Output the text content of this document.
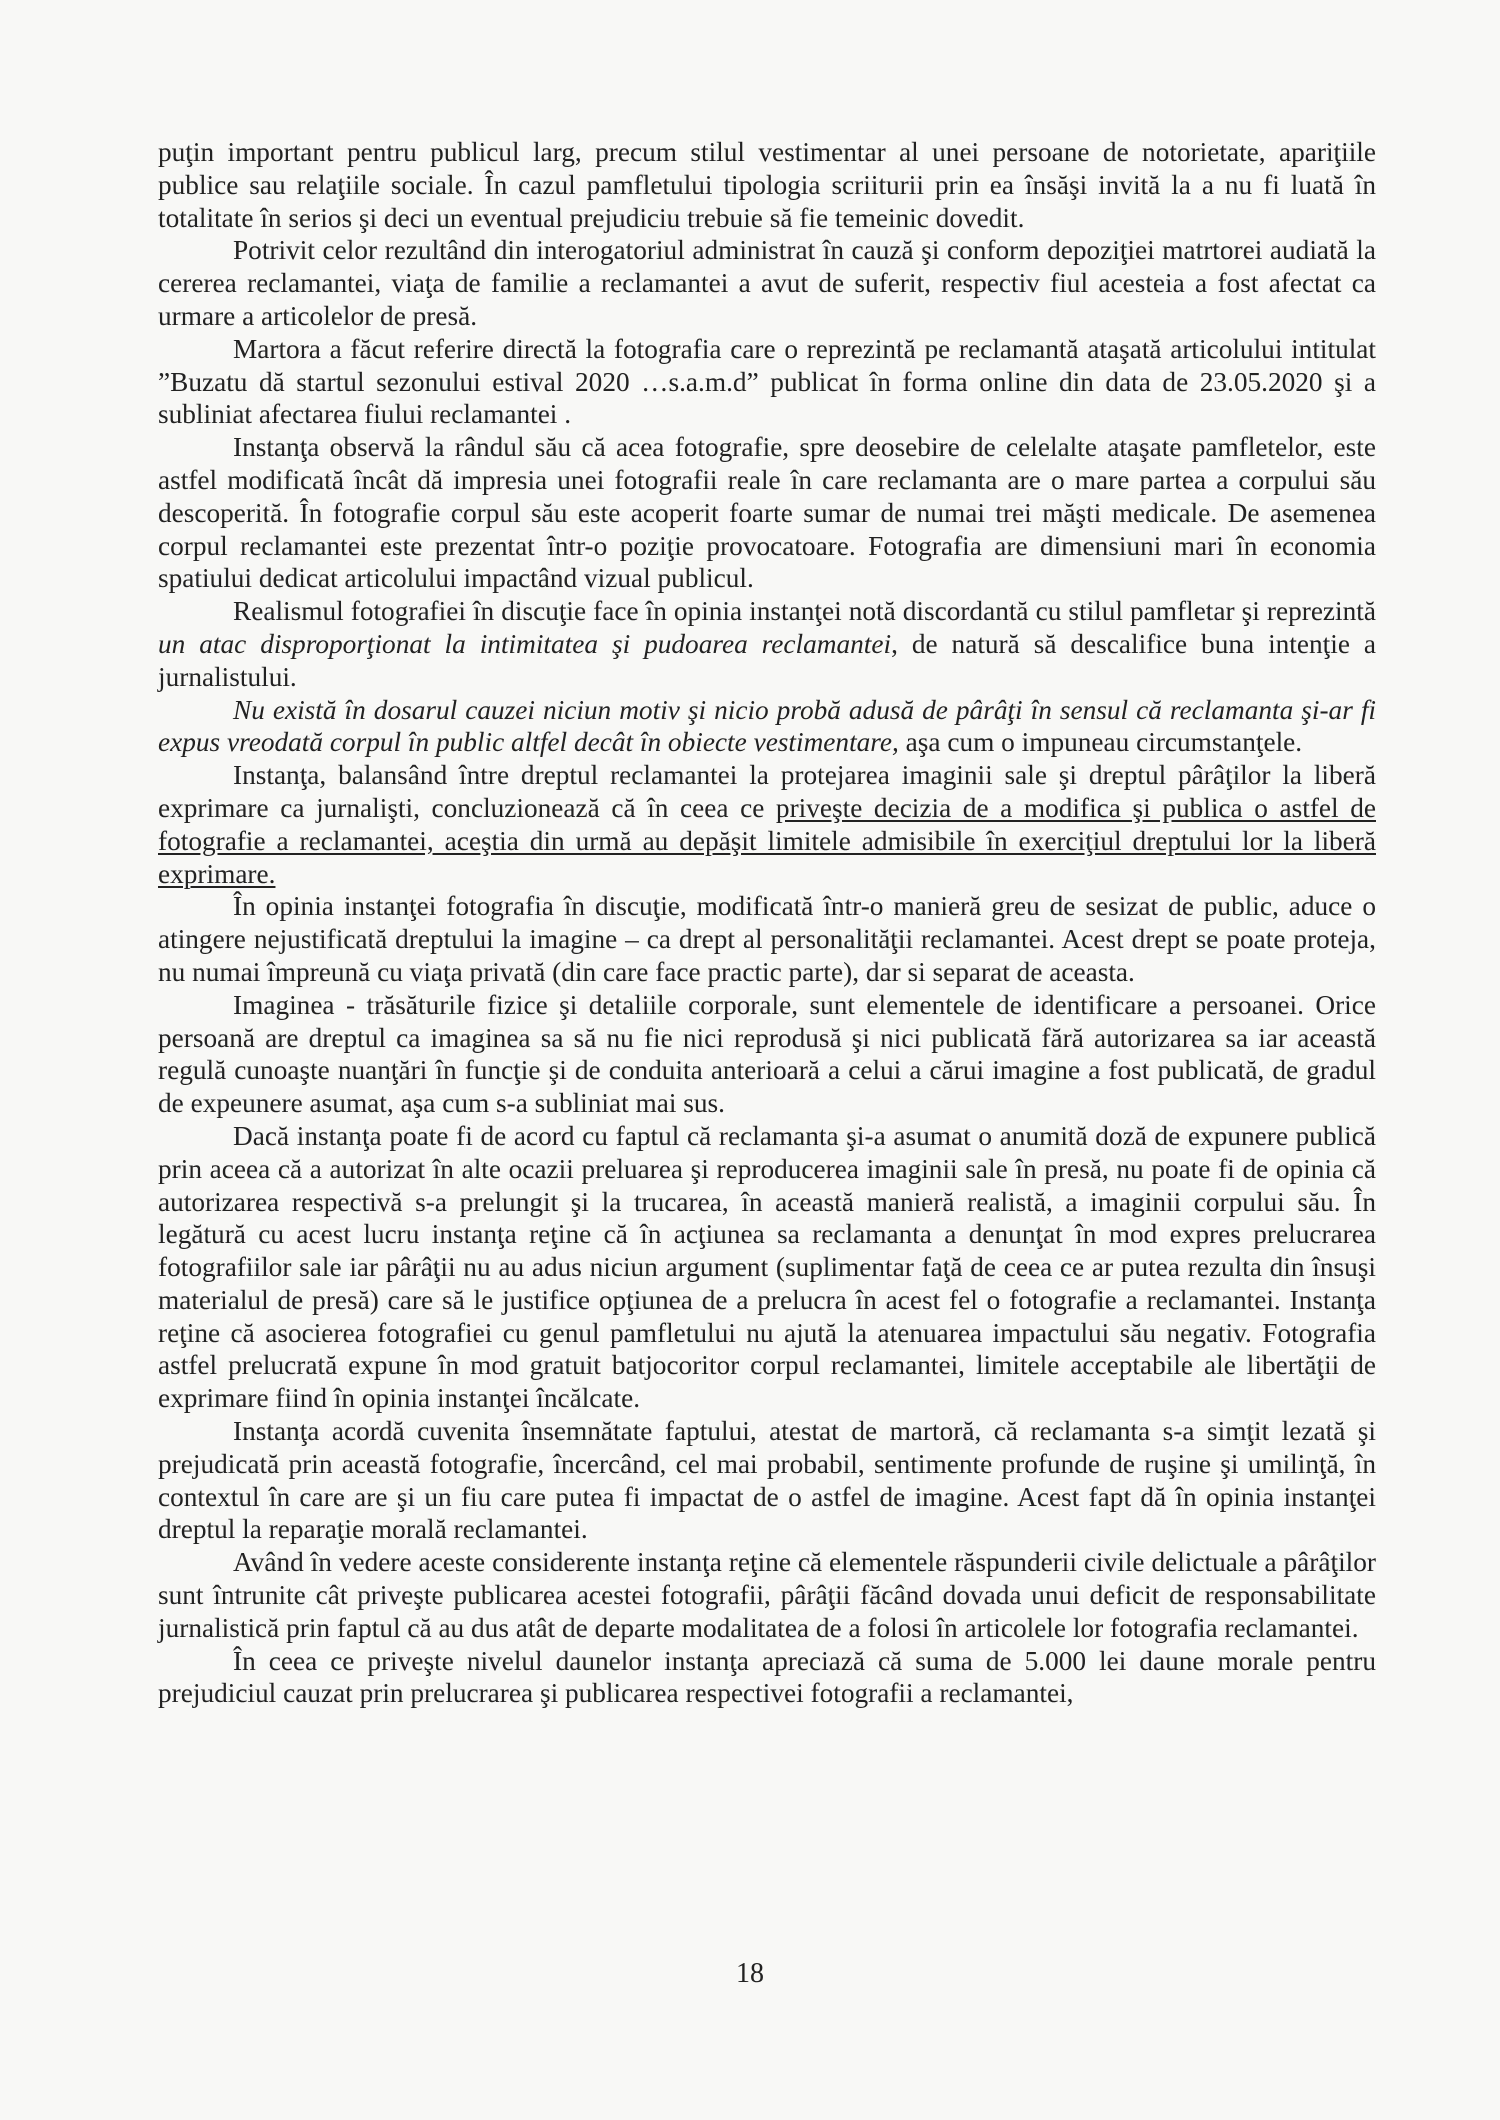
puţin important pentru publicul larg, precum stilul vestimentar al unei persoane de notorietate, apariţiile publice sau relaţiile sociale. În cazul pamfletului tipologia scriiturii prin ea însăşi invită la a nu fi luată în totalitate în serios şi deci un eventual prejudiciu trebuie să fie temeinic dovedit.

Potrivit celor rezultând din interogatoriul administrat în cauză şi conform depoziţiei matrtorei audiată la cererea reclamantei, viaţa de familie a reclamantei a avut de suferit, respectiv fiul acesteia a fost afectat ca urmare a articolelor de presă.

Martora a făcut referire directă la fotografia care o reprezintă pe reclamantă ataşată articolului intitulat ”Buzatu dă startul sezonului estival 2020 …s.a.m.d” publicat în forma online din data de 23.05.2020 şi a subliniat afectarea fiului reclamantei .

Instanţa observă la rândul său că acea fotografie, spre deosebire de celelalte ataşate pamfletelor, este astfel modificată încât dă impresia unei fotografii reale în care reclamanta are o mare partea a corpului său descoperită. În fotografie corpul său este acoperit foarte sumar de numai trei măşti medicale. De asemenea corpul reclamantei este prezentat într-o poziţie provocatoare. Fotografia are dimensiuni mari în economia spatiului dedicat articolului impactând vizual publicul.

Realismul fotografiei în discuţie face în opinia instanţei notă discordantă cu stilul pamfletar şi reprezintă un atac disproporţionat la intimitatea şi pudoarea reclamantei, de natură să descalifice buna intenţie a jurnalistului.

Nu există în dosarul cauzei niciun motiv şi nicio probă adusă de pârâţi în sensul că reclamanta şi-ar fi expus vreodată corpul în public altfel decât în obiecte vestimentare, aşa cum o impuneau circumstanţele.

Instanţa, balansând între dreptul reclamantei la protejarea imaginii sale şi dreptul pârâţilor la liberă exprimare ca jurnalişti, concluzionează că în ceea ce priveşte decizia de a modifica şi publica o astfel de fotografie a reclamantei, aceştia din urmă au depăşit limitele admisibile în exerciţiul dreptului lor la liberă exprimare.

În opinia instanţei fotografia în discuţie, modificată într-o manieră greu de sesizat de public, aduce o atingere nejustificată dreptului la imagine – ca drept al personalităţii reclamantei. Acest drept se poate proteja, nu numai împreună cu viaţa privată (din care face practic parte), dar si separat de aceasta.

Imaginea - trăsăturile fizice şi detaliile corporale, sunt elementele de identificare a persoanei. Orice persoană are dreptul ca imaginea sa să nu fie nici reprodusă şi nici publicată fără autorizarea sa iar această regulă cunoaşte nuanţări în funcţie şi de conduita anterioară a celui a cărui imagine a fost publicată, de gradul de expeunere asumat, aşa cum s-a subliniat mai sus.

Dacă instanţa poate fi de acord cu faptul că reclamanta şi-a asumat o anumită doză de expunere publică prin aceea că a autorizat în alte ocazii preluarea şi reproducerea imaginii sale în presă, nu poate fi de opinia că autorizarea respectivă s-a prelungit şi la trucarea, în această manieră realistă, a imaginii corpului său. În legătură cu acest lucru instanţa reţine că în acţiunea sa reclamanta a denunţat în mod expres prelucrarea fotografiilor sale iar pârâţii nu au adus niciun argument (suplimentar faţă de ceea ce ar putea rezulta din însuşi materialul de presă) care să le justifice opţiunea de a prelucra în acest fel o fotografie a reclamantei. Instanţa reţine că asocierea fotografiei cu genul pamfletului nu ajută la atenuarea impactului său negativ. Fotografia astfel prelucrată expune în mod gratuit batjocoritor corpul reclamantei, limitele acceptabile ale libertăţii de exprimare fiind în opinia instanţei încălcate.

Instanţa acordă cuvenita însemnătate faptului, atestat de martoră, că reclamanta s-a simţit lezată şi prejudicată prin această fotografie, încercând, cel mai probabil, sentimente profunde de ruşine şi umilinţă, în contextul în care are şi un fiu care putea fi impactat de o astfel de imagine. Acest fapt dă în opinia instanţei dreptul la reparaţie morală reclamantei.

Având în vedere aceste considerente instanţa reţine că elementele răspunderii civile delictuale a pârâţilor sunt întrunite cât priveşte publicarea acestei fotografii, pârâţii făcând dovada unui deficit de responsabilitate jurnalistică prin faptul că au dus atât de departe modalitatea de a folosi în articolele lor fotografia reclamantei.

În ceea ce priveşte nivelul daunelor instanţa apreciază că suma de 5.000 lei daune morale pentru prejudiciul cauzat prin prelucrarea şi publicarea respectivei fotografii a reclamantei,

18
